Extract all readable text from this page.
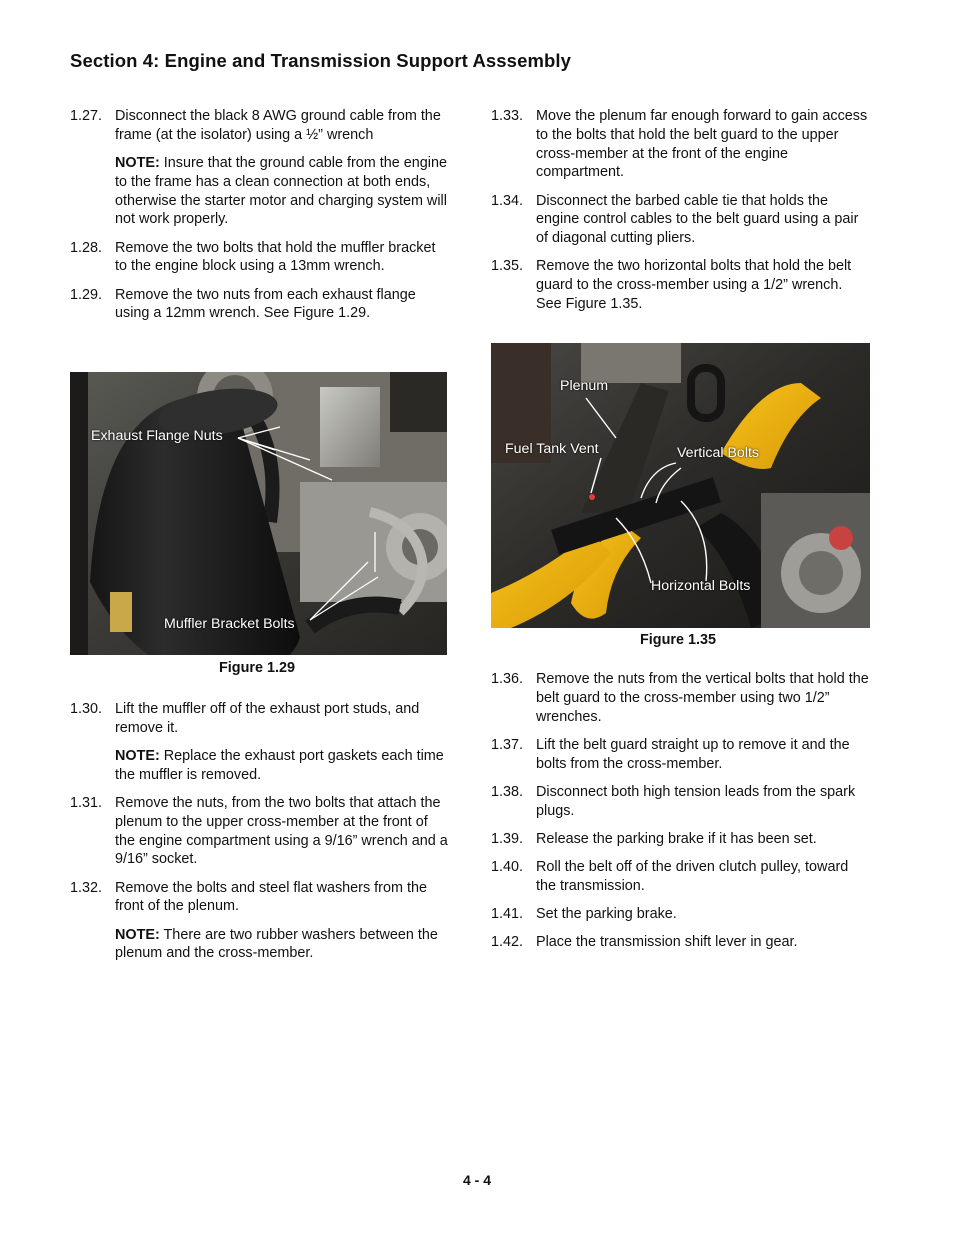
Section 4: Engine and Transmission Support Asssembly
1.27. Disconnect the black 8 AWG ground cable from the frame (at the isolator) using a ½” wrench
NOTE: Insure that the ground cable from the engine to the frame has a clean connection at both ends, otherwise the starter motor and charging system will not work properly.
1.28. Remove the two bolts that hold the muffler bracket to the engine block using a 13mm wrench.
1.29. Remove the two nuts from each exhaust flange using a 12mm wrench. See Figure 1.29.
Exhaust Flange Nuts
Muffler Bracket Bolts
Figure 1.29
1.30. Lift the muffler off of the exhaust port studs, and remove it.
NOTE: Replace the exhaust port gaskets each time the muffler is removed.
1.31. Remove the nuts, from the two bolts that attach the plenum to the upper cross-member at the front of the engine compartment using a 9/16” wrench and a 9/16” socket.
1.32. Remove the bolts and steel flat washers from the front of the plenum.
NOTE: There are two rubber washers between the plenum and the cross-member.
1.33. Move the plenum far enough forward to gain access to the bolts that hold the belt guard to the upper cross-member at the front of the engine compartment.
1.34. Disconnect the barbed cable tie that holds the engine control cables to the belt guard using a pair of diagonal cutting pliers.
1.35. Remove the two horizontal bolts that hold the belt guard to the cross-member using a 1/2” wrench. See Figure 1.35.
Plenum
Fuel Tank Vent	Vertical Bolts
Horizontal Bolts
Figure 1.35
1.36. Remove the nuts from the vertical bolts that hold the belt guard to the cross-member using two 1/2” wrenches.
1.37. Lift the belt guard straight up to remove it and the bolts from the cross-member.
1.38. Disconnect both high tension leads from the spark plugs.
1.39. Release the parking brake if it has been set.
1.40. Roll the belt off of the driven clutch pulley, toward the transmission.
1.41. Set the parking brake.
1.42. Place the transmission shift lever in gear.
4 - 4
